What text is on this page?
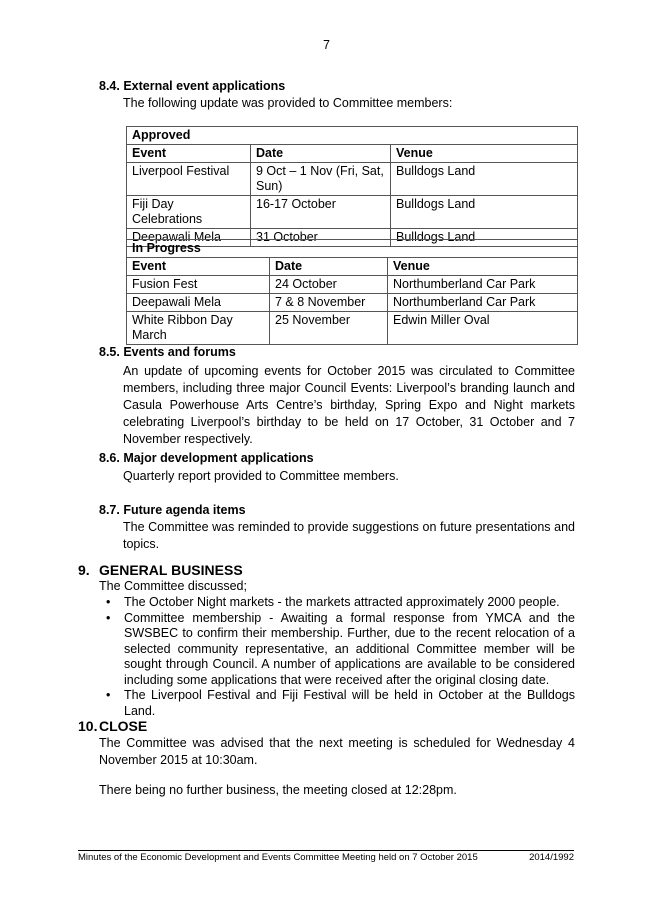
7
8.4. External event applications
The following update was provided to Committee members:
Approved		
Event	Date	Venue
Liverpool Festival	9 Oct – 1 Nov (Fri, Sat, Sun)	Bulldogs Land
Fiji Day Celebrations	16-17 October	Bulldogs Land
Deepawali Mela	31 October	Bulldogs Land
In Progress		
Event	Date	Venue
Fusion Fest	24 October	Northumberland Car Park
Deepawali Mela	7 & 8 November	Northumberland Car Park
White Ribbon Day March	25 November	Edwin Miller Oval
8.5. Events and forums
An update of upcoming events for October 2015 was circulated to Committee members, including three major Council Events: Liverpool’s branding launch and Casula Powerhouse Arts Centre’s birthday, Spring Expo and Night markets celebrating Liverpool’s birthday to be held on 17 October, 31 October and 7 November respectively.
8.6. Major development applications
Quarterly report provided to Committee members.
8.7. Future agenda items
The Committee was reminded to provide suggestions on future presentations and topics.
9. GENERAL BUSINESS
The Committee discussed;
• The October Night markets - the markets attracted approximately 2000 people.
• Committee membership - Awaiting a formal response from YMCA and the SWSBEC to confirm their membership. Further, due to the recent relocation of a selected community representative, an additional Committee member will be sought through Council. A number of applications are available to be considered including some applications that were received after the original closing date.
• The Liverpool Festival and Fiji Festival will be held in October at the Bulldogs Land.
10. CLOSE
The Committee was advised that the next meeting is scheduled for Wednesday 4 November 2015 at 10:30am.
There being no further business, the meeting closed at 12:28pm.
Minutes of the Economic Development and Events Committee Meeting held on 7 October 2015	2014/1992
